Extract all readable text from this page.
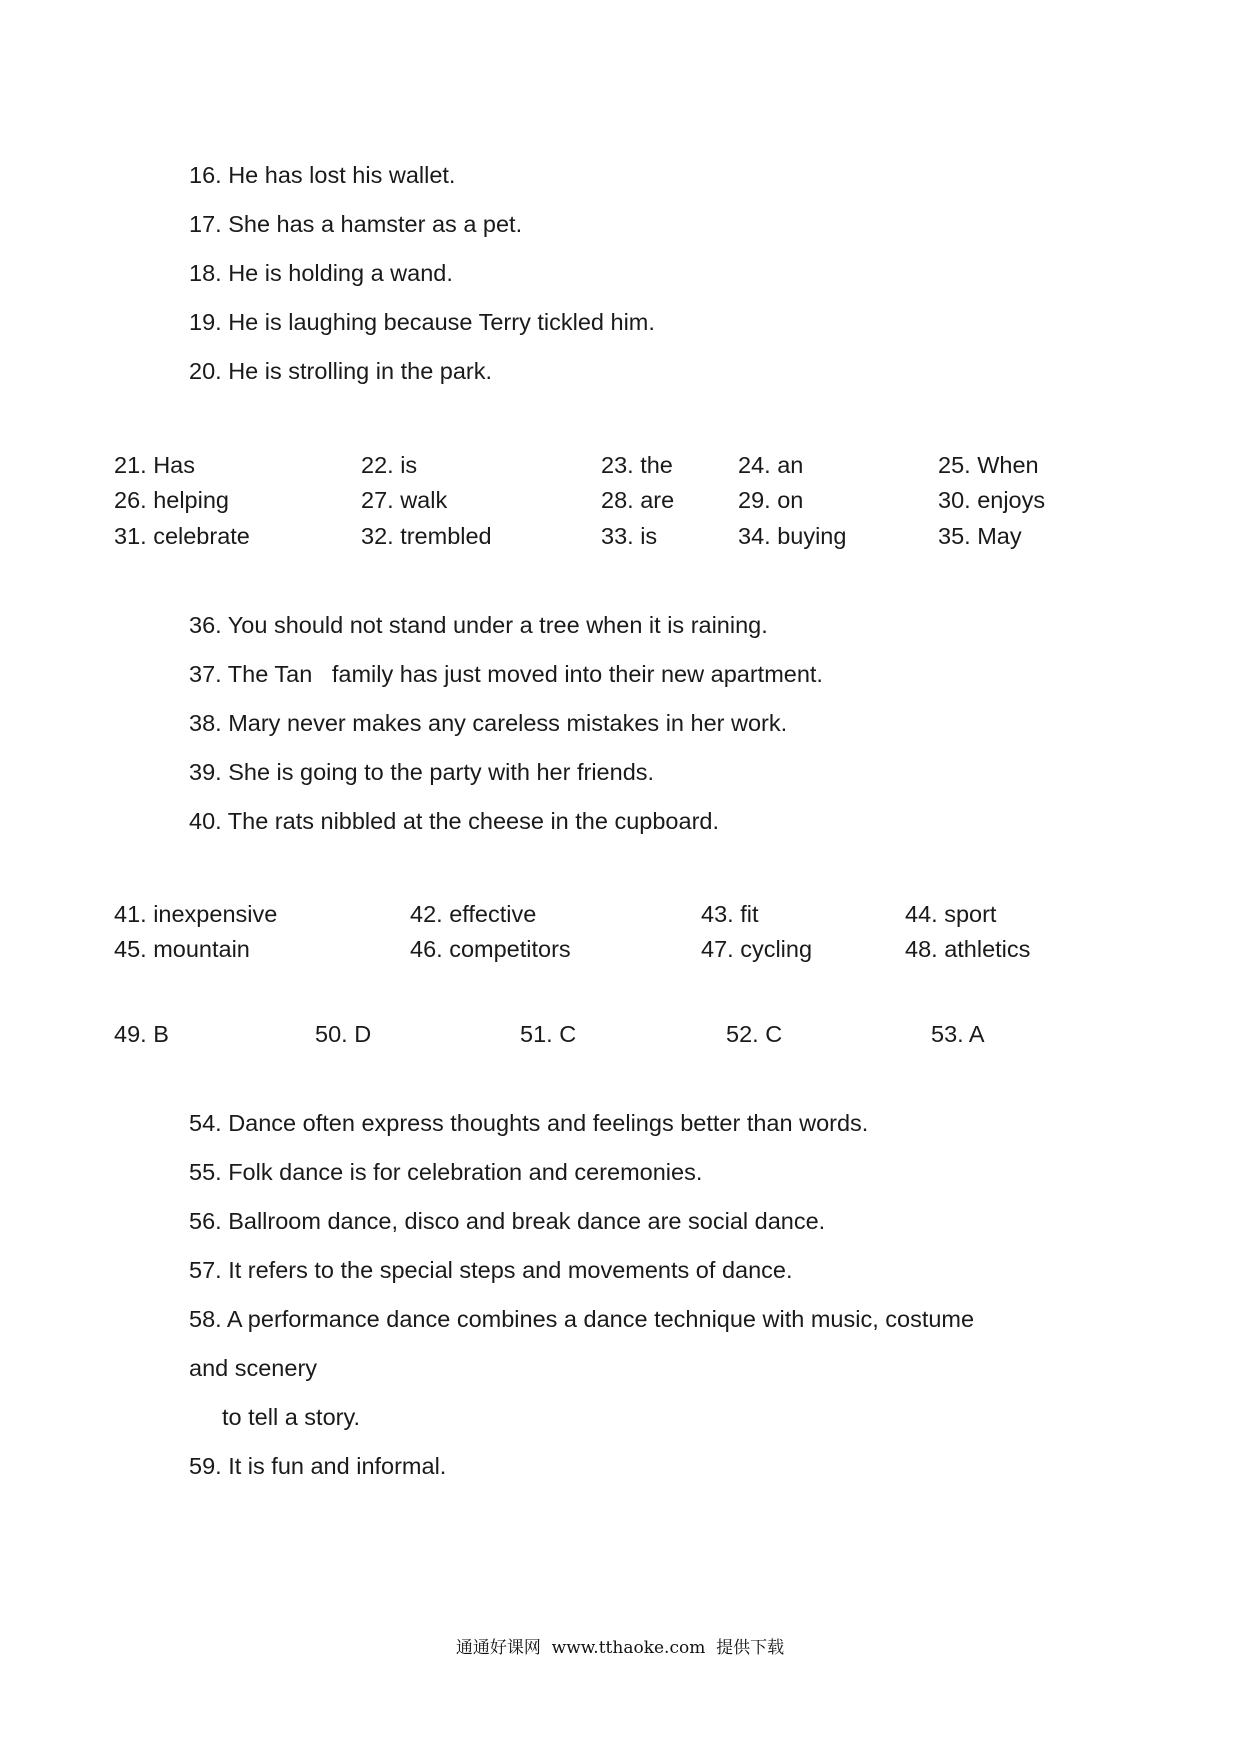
16. He has lost his wallet.
17. She has a hamster as a pet.
18. He is holding a wand.
19. He is laughing because Terry tickled him.
20. He is strolling in the park.
21. Has	22. is	23. the	24. an	25. When
26. helping	27. walk	28. are	29. on	30. enjoys
31. celebrate	32. trembled	33. is	34. buying	35. May
36. You should not stand under a tree when it is raining.
37. The Tan   family has just moved into their new apartment.
38. Mary never makes any careless mistakes in her work.
39. She is going to the party with her friends.
40. The rats nibbled at the cheese in the cupboard.
41. inexpensive	42. effective	43. fit	44. sport
45. mountain	46. competitors	47. cycling	48. athletics
49. B	50. D	51. C	52. C	53. A
54. Dance often express thoughts and feelings better than words.
55. Folk dance is for celebration and ceremonies.
56. Ballroom dance, disco and break dance are social dance.
57. It refers to the special steps and movements of dance.
58. A performance dance combines a dance technique with music, costume
and scenery
to tell a story.
59. It is fun and informal.
通通好课网  www.tthaoke.com  提供下载
